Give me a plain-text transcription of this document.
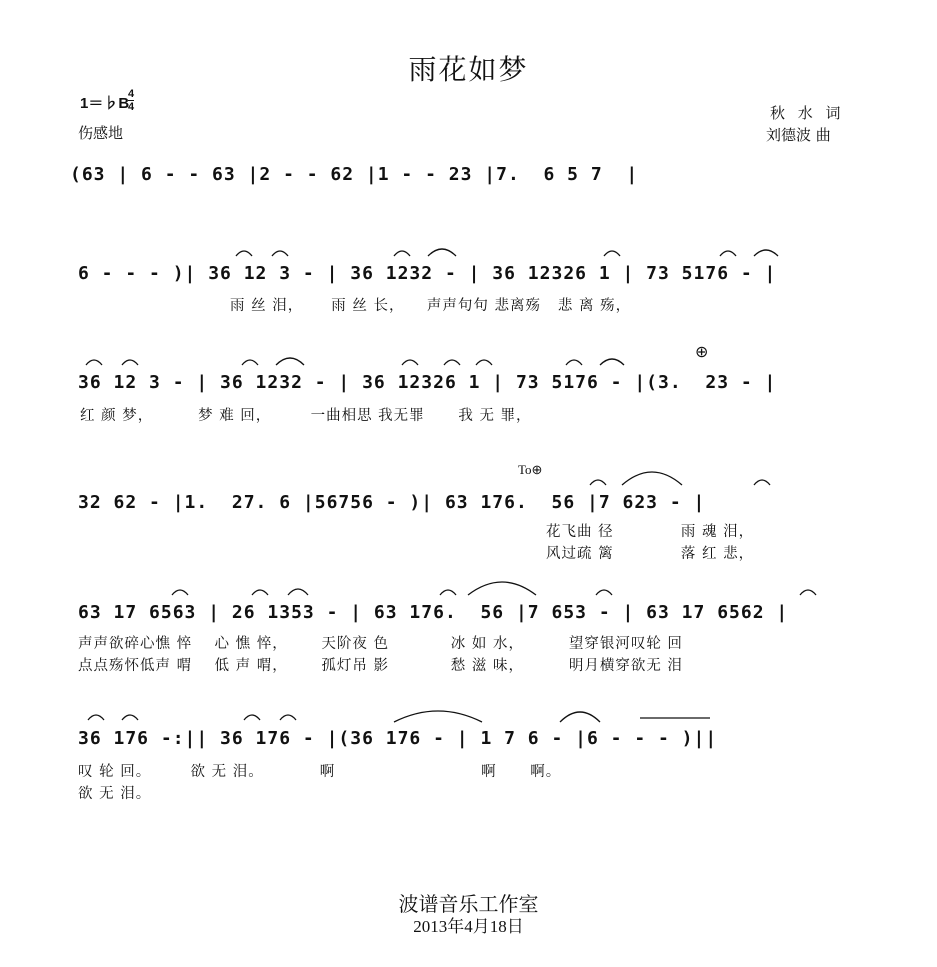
雨花如梦
1＝♭B
4
4
伤感地
秋 水 词
刘德波 曲
(63 | 6 - - 63 |2 - - 62 |1 - - 23 |7.  6 5 7  |
6 - - - )| 36 12 3 - | 36 1232 - | 36 12326 1 | 73 5176 - |
雨 丝 泪，     雨 丝 长，    声声句句 悲离殇   悲 离 殇，
36 12 3 - | 36 1232 - | 36 12326 1 | 73 5176 - |(3.  23 - |
红 颜 梦，        梦 难 回，       一曲相思 我无罪      我 无 罪，
⊕
32 62 - |1.  27. 6 |56756 - )| 63 176.  56 |7 623 - |
花飞曲 径            雨 魂 泪，
风过疏 篱            落 红 悲，
To⊕
63 17 6563 | 26 1353 - | 63 176.  56 |7 653 - | 63 17 6562 |
声声欲碎心憔 悴    心 憔 悴，      天阶夜 色           冰 如 水，        望穿银河叹轮 回
点点殇怀低声 喟    低 声 喟，      孤灯吊 影           愁 滋 味，        明月横穿欲无 泪
36 176 -:|| 36 176 - |(36 176 - | 1 7 6 - |6 - - - )||
叹 轮 回。       欲 无 泪。          啊                          啊      啊。
欲 无 泪。
波谱音乐工作室
2013年4月18日
